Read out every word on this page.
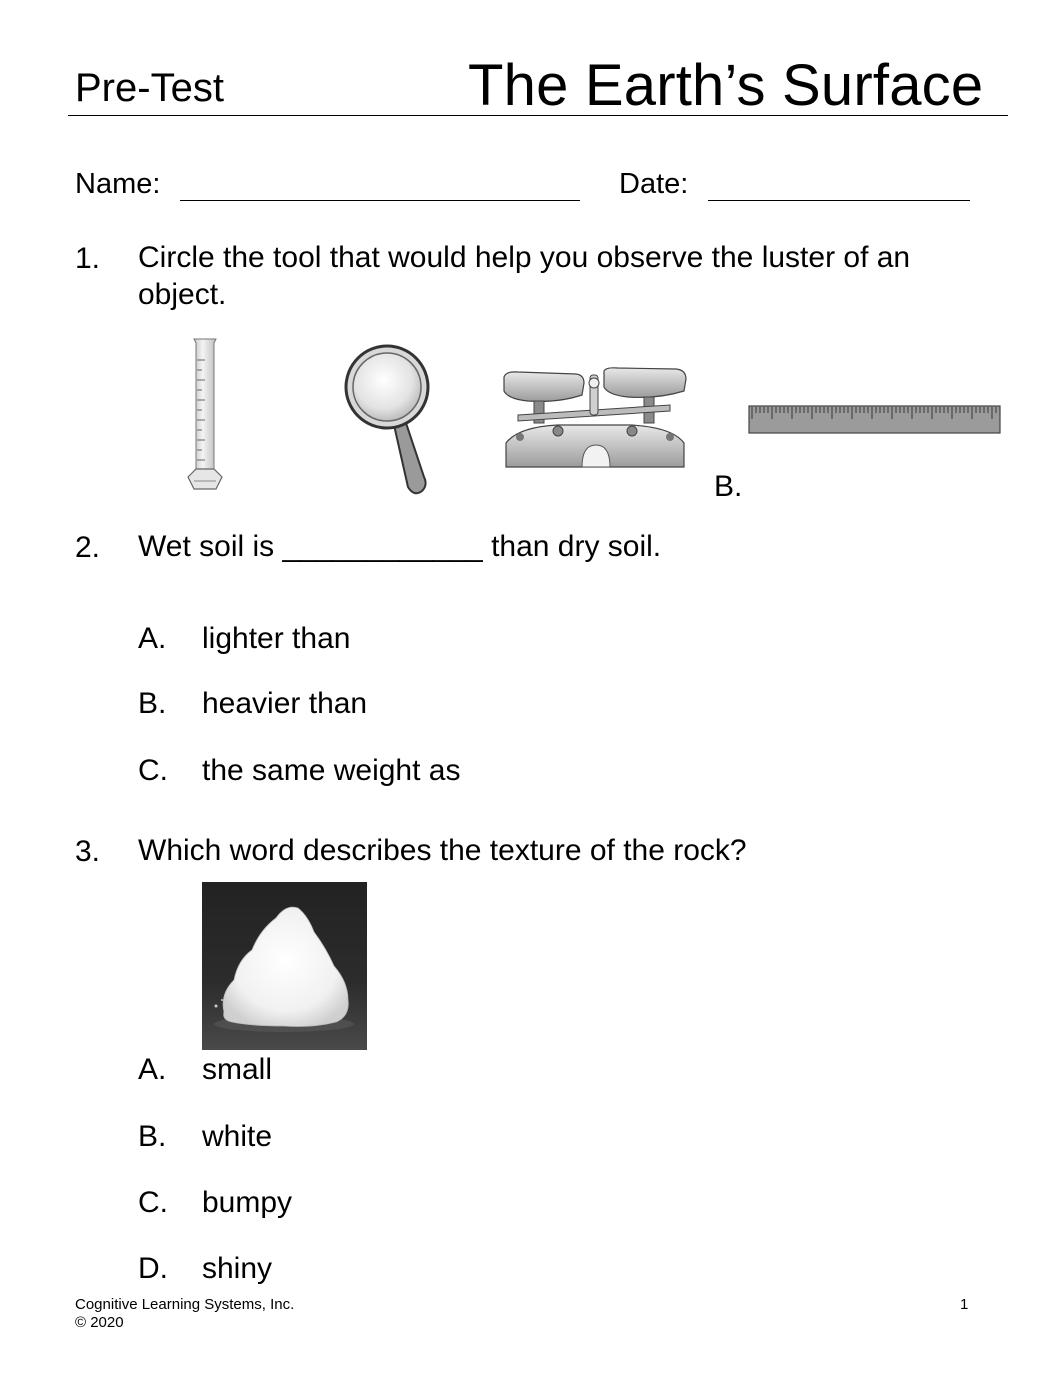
Pre-Test	The Earth’s Surface
Name:	Date:
1. Circle the tool that would help you observe the luster of an
object.
B.
2. Wet soil is ____________ than dry soil.
A. lighter than
B. heavier than
C. the same weight as
3. Which word describes the texture of the rock?
A. small
B. white
C. bumpy
D. shiny
Cognitive Learning Systems, Inc.
© 2020
1
